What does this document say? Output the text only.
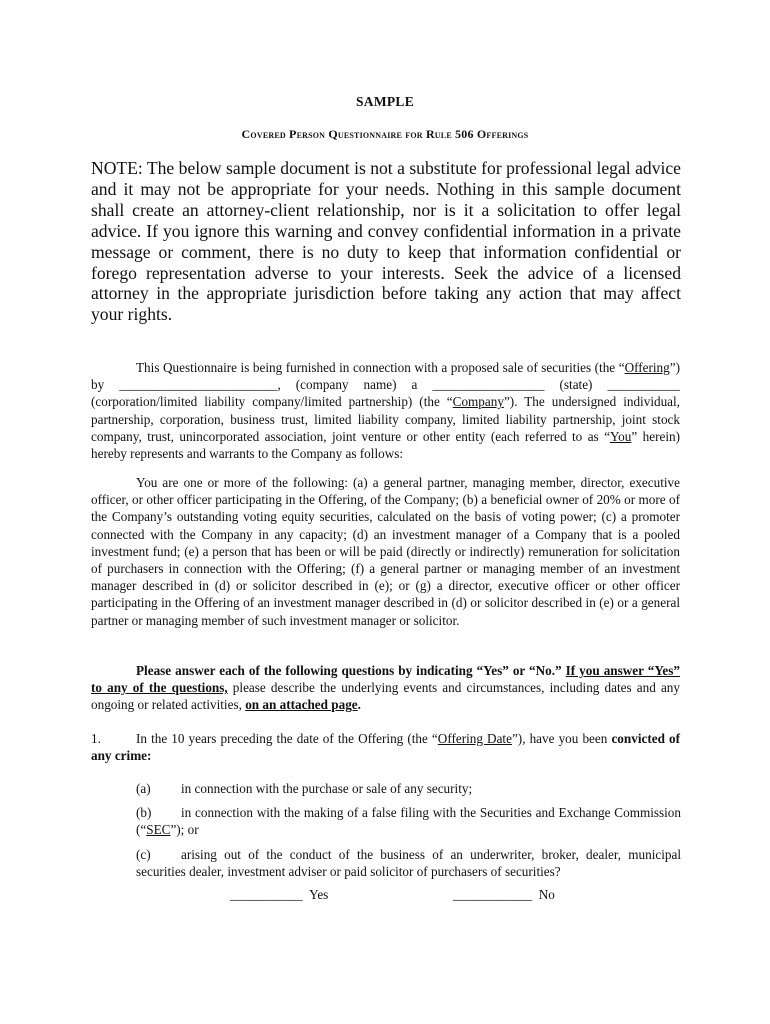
SAMPLE
Covered Person Questionnaire for Rule 506 Offerings
NOTE: The below sample document is not a substitute for professional legal advice and it may not be appropriate for your needs. Nothing in this sample document shall create an attorney-client relationship, nor is it a solicitation to offer legal advice. If you ignore this warning and convey confidential information in a private message or comment, there is no duty to keep that information confidential or forego representation adverse to your interests. Seek the advice of a licensed attorney in the appropriate jurisdiction before taking any action that may affect your rights.
This Questionnaire is being furnished in connection with a proposed sale of securities (the “Offering”) by ________________________, (company name) a _________________ (state) ___________ (corporation/limited liability company/limited partnership) (the “Company”). The undersigned individual, partnership, corporation, business trust, limited liability company, limited liability partnership, joint stock company, trust, unincorporated association, joint venture or other entity (each referred to as “You” herein) hereby represents and warrants to the Company as follows:
You are one or more of the following: (a) a general partner, managing member, director, executive officer, or other officer participating in the Offering, of the Company; (b) a beneficial owner of 20% or more of the Company’s outstanding voting equity securities, calculated on the basis of voting power; (c) a promoter connected with the Company in any capacity; (d) an investment manager of a Company that is a pooled investment fund; (e) a person that has been or will be paid (directly or indirectly) remuneration for solicitation of purchasers in connection with the Offering; (f) a general partner or managing member of an investment manager described in (d) or solicitor described in (e); or (g) a director, executive officer or other officer participating in the Offering of an investment manager described in (d) or solicitor described in (e) or a general partner or managing member of such investment manager or solicitor.
Please answer each of the following questions by indicating “Yes” or “No.” If you answer “Yes” to any of the questions, please describe the underlying events and circumstances, including dates and any ongoing or related activities, on an attached page.
1.	In the 10 years preceding the date of the Offering (the “Offering Date”), have you been convicted of any crime:
(a) in connection with the purchase or sale of any security;
(b) in connection with the making of a false filing with the Securities and Exchange Commission (“SEC”); or
(c) arising out of the conduct of the business of an underwriter, broker, dealer, municipal securities dealer, investment adviser or paid solicitor of purchasers of securities?
___________ Yes	____________ No
